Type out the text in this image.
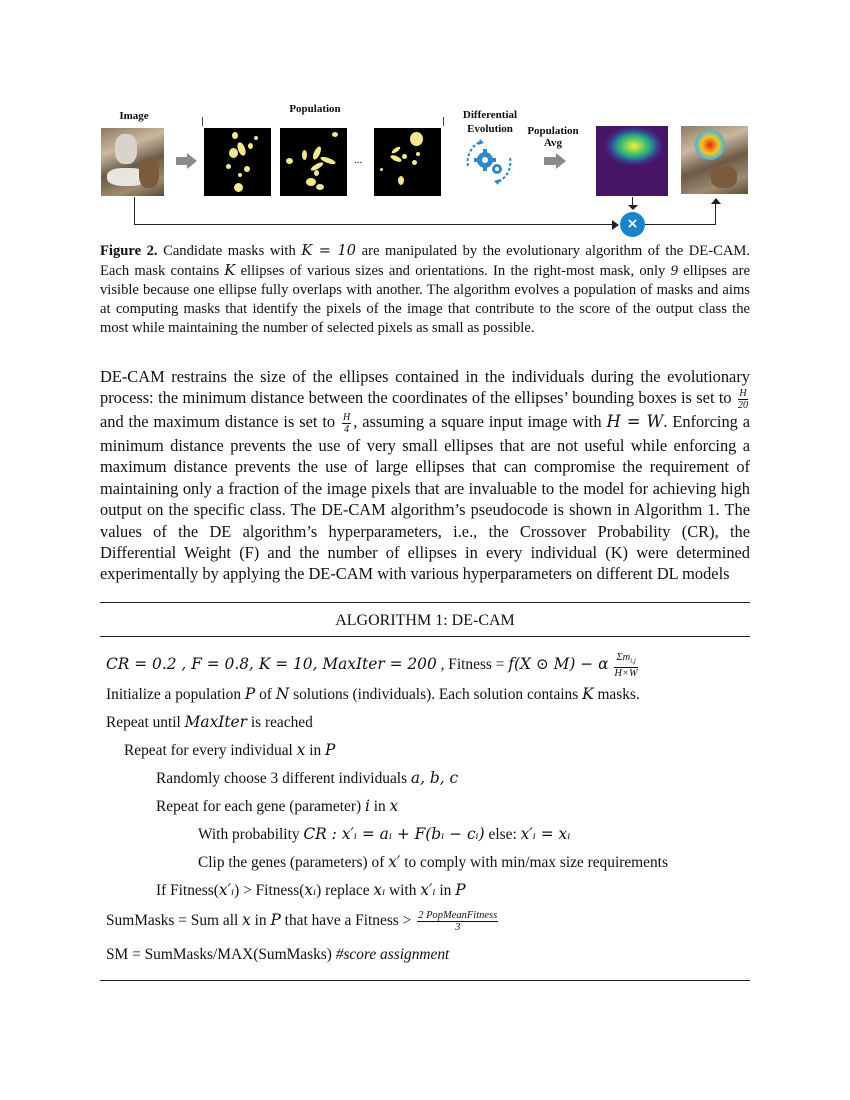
Image
Population	Differential
Evolution	Population
Avg
...
×
Figure 2. Candidate masks with K = 10 are manipulated by the evolutionary algorithm of the DE-CAM. Each mask contains K ellipses of various sizes and orientations. In the right-most mask, only 9 ellipses are visible because one ellipse fully overlaps with another. The algorithm evolves a population of masks and aims at computing masks that identify the pixels of the image that contribute to the score of the output class the most while maintaining the number of selected pixels as small as possible.
DE-CAM restrains the size of the ellipses contained in the individuals during the evolutionary process: the minimum distance between the coordinates of the ellipses’ bounding boxes is set to $\frac{H}{20}$
and the maximum distance is set to $\frac{H}{4}$ , assuming a square input image with H = W. Enforcing a minimum distance prevents the use of very small ellipses that are not useful while enforcing a maximum distance prevents the use of large ellipses that can compromise the requirement of maintaining only a fraction of the image pixels that are invaluable to the model for achieving high output on the specific class. The DE-CAM algorithm’s pseudocode is shown in Algorithm 1. The values of the DE algorithm’s hyperparameters, i.e., the Crossover Probability (CR), the Differential Weight (F) and the number of ellipses in every individual (K) were determined experimentally by applying the DE-CAM with various hyperparameters on different DL models
ALGORITHM 1: DE-CAM
CR = 0.2 , F = 0.8, K = 10, MaxIter = 200 , Fitness = f(X ⊙ M) − α $\frac{\Sigma m_{i,j}}{H\times W}$
Initialize a population P of N solutions (individuals). Each solution contains K masks.
Repeat until MaxIter is reached
Repeat for every individual x in P
Randomly choose 3 different individuals a, b, c
Repeat for each gene (parameter) i in x
With probability CR : x′ᵢ = aᵢ + F(bᵢ − cᵢ) else: x′ᵢ = xᵢ
Clip the genes (parameters) of x′ to comply with min/max size requirements
If Fitness(x′ᵢ) > Fitness(xᵢ) replace xᵢ with x′ᵢ in P
SumMasks = Sum all x in P that have a Fitness > $\frac{\text{2 PopMeanFitness}}{3}$
SM = SumMasks/MAX(SumMasks) #score assignment
